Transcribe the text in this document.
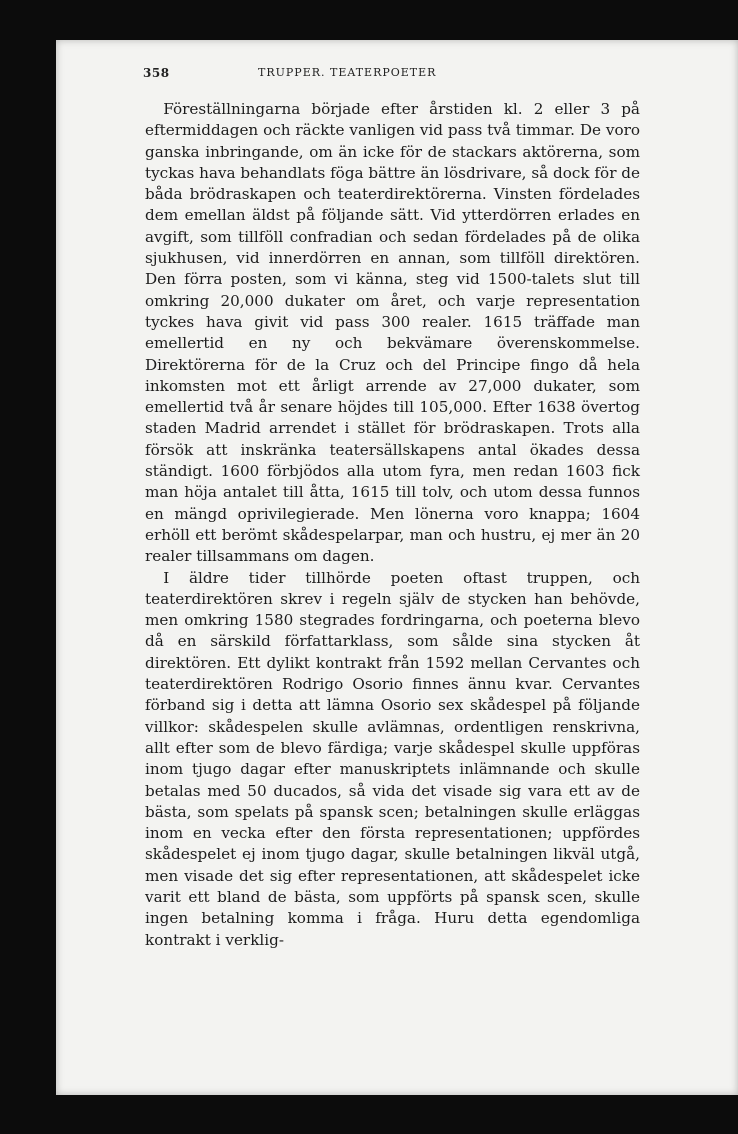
358	TRUPPER. TEATERPOETER

Föreställningarna började efter årstiden kl. 2 eller 3 på eftermiddagen och räckte vanligen vid pass två timmar. De voro ganska inbringande, om än icke för de stackars aktörerna, som tyckas hava behandlats föga bättre än lösdrivare, så dock för de båda brödraskapen och teaterdirektörerna. Vinsten fördelades dem emellan äldst på följande sätt. Vid ytterdörren erlades en avgift, som tillföll confradian och sedan fördelades på de olika sjukhusen, vid innerdörren en annan, som tillföll direktören. Den förra posten, som vi känna, steg vid 1500-talets slut till omkring 20,000 dukater om året, och varje representation tyckes hava givit vid pass 300 realer. 1615 träffade man emellertid en ny och bekvämare överenskommelse. Direktörerna för de la Cruz och del Principe fingo då hela inkomsten mot ett årligt arrende av 27,000 dukater, som emellertid två år senare höjdes till 105,000. Efter 1638 övertog staden Madrid arrendet i stället för brödraskapen. Trots alla försök att inskränka teatersällskapens antal ökades dessa ständigt. 1600 förbjödos alla utom fyra, men redan 1603 fick man höja antalet till åtta, 1615 till tolv, och utom dessa funnos en mängd oprivilegierade. Men lönerna voro knappa; 1604 erhöll ett berömt skådespelarpar, man och hustru, ej mer än 20 realer tillsammans om dagen.

I äldre tider tillhörde poeten oftast truppen, och teaterdirektören skrev i regeln själv de stycken han behövde, men omkring 1580 stegrades fordringarna, och poeterna blevo då en särskild författarklass, som sålde sina stycken åt direktören. Ett dylikt kontrakt från 1592 mellan Cervantes och teaterdirektören Rodrigo Osorio finnes ännu kvar. Cervantes förband sig i detta att lämna Osorio sex skådespel på följande villkor: skådespelen skulle avlämnas, ordentligen renskrivna, allt efter som de blevo färdiga; varje skådespel skulle uppföras inom tjugo dagar efter manuskriptets inlämnande och skulle betalas med 50 ducados, så vida det visade sig vara ett av de bästa, som spelats på spansk scen; betalningen skulle erläggas inom en vecka efter den första representationen; uppfördes skådespelet ej inom tjugo dagar, skulle betalningen likväl utgå, men visade det sig efter representationen, att skådespelet icke varit ett bland de bästa, som uppförts på spansk scen, skulle ingen betalning komma i fråga. Huru detta egendomliga kontrakt i verklig-
